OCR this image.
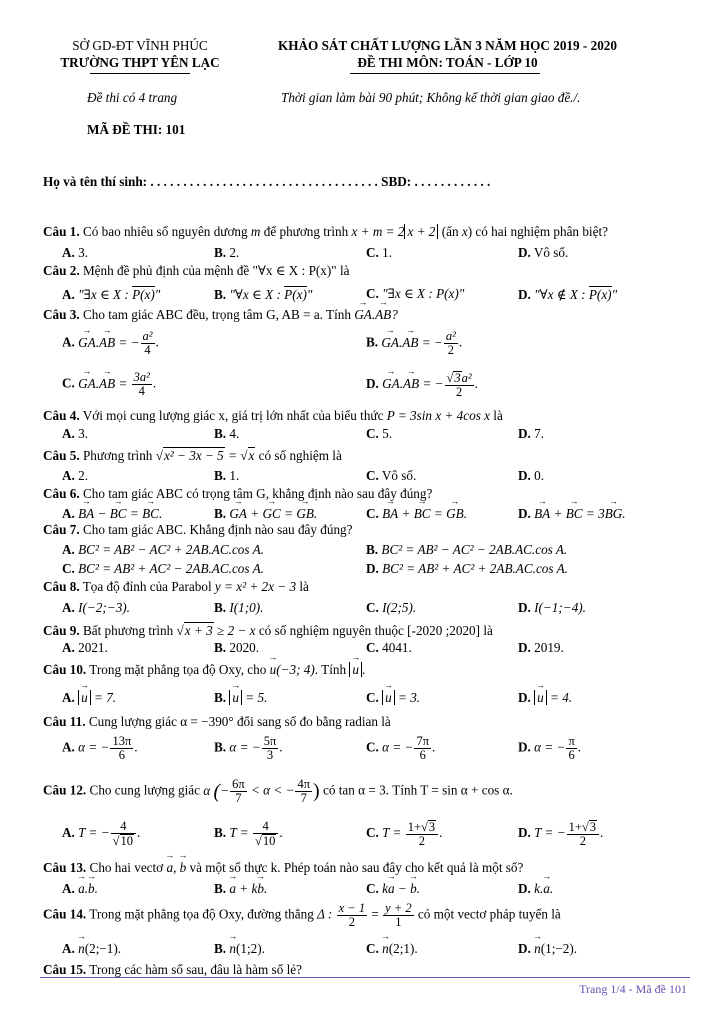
SỞ GD-ĐT VĨNH PHÚC
TRƯỜNG THPT YÊN LẠC
KHẢO SÁT CHẤT LƯỢNG LẦN 3 NĂM HỌC 2019 - 2020
ĐỀ THI MÔN: TOÁN - LỚP 10
Đề thi có 4 trang	Thời gian làm bài 90 phút; Không kể thời gian giao đề./.
MÃ ĐỀ THI: 101
Họ và tên thí sinh: . . . . . . . . . . . . . . . . . . . . . . . . . . . . . . . . . . . SBD: . . . . . . . . . . . .
Câu 1. Có bao nhiêu số nguyên dương m để phương trình x + m = 2 x + 2 (ẩn x) có hai nghiệm phân biệt?
A. 3.	B. 2.	C. 1.	D. Vô số.
Câu 2. Mệnh đề phủ định của mệnh đề "∀x ∈ X : P(x)" là
A. "∃x ∈ X : P(x)"	B. "∀x ∈ X : P(x)"	C. "∃x ∈ X : P(x)"	D. "∀x ∉ X : P(x)"
Câu 3. Cho tam giác ABC đều, trọng tâm G, AB = a. Tính → GA.→ AB?
A. → GA.→ AB = − $\frac{\text{a²}}{4}$ .	B. → GA.→ AB = − $\frac{\text{a²}}{2}$ .
C. → GA.→ AB = $\frac{\text{3a²}}{4}$ .	D. → GA.→ AB = − $\frac{\text{√3a²}}{2}$ .
Câu 4. Với mọi cung lượng giác x, giá trị lớn nhất của biểu thức P = 3sin x + 4cos x là
A. 3.	B. 4.	C. 5.	D. 7.
Câu 5. Phương trình √x² − 3x − 5 = √x có số nghiệm là
A. 2.	B. 1.	C. Vô số.	D. 0.
Câu 6. Cho tam giác ABC có trọng tâm G, khẳng định nào sau đây đúng?
A. → BA − → BC = → BC.	B. → GA + → GC = → GB.	C. → BA + → BC = → GB.	D. → BA + → BC = 3→ BG.
Câu 7. Cho tam giác ABC. Khẳng định nào sau đây đúng?
A. BC² = AB² − AC² + 2AB.AC.cos A.	B. BC² = AB² − AC² − 2AB.AC.cos A.
C. BC² = AB² + AC² − 2AB.AC.cos A.	D. BC² = AB² + AC² + 2AB.AC.cos A.
Câu 8. Tọa độ đỉnh của Parabol y = x² + 2x − 3 là
A. I(−2;−3).	B. I(1;0).	C. I(2;5).	D. I(−1;−4).
Câu 9. Bất phương trình √x + 3 ≥ 2 − x có số nghiệm nguyên thuộc [-2020 ;2020] là
A. 2021.	B. 2020.	C. 4041.	D. 2019.
Câu 10. Trong mặt phẳng tọa độ Oxy, cho → u(−3; 4). Tính → u .
A. → u = 7.	B. → u = 5.	C. → u = 3.	D. → u = 4.
Câu 11. Cung lượng giác α = −390° đổi sang số đo bằng radian là
A. α = − $\frac{13\pi}{6}$ .	B. α = − $\frac{5\pi}{3}$ .	C. α = − $\frac{7\pi}{6}$ .	D. α = − $\frac{\pi}{6}$ .
Câu 12. Cho cung lượng giác α (− $\frac{6\pi}{7} < \alpha$ < − $\frac{4\pi}{7}$ ) có tan α = 3. Tính T = sin α + cos α.
A. T = − $\frac{4}{√10}$ .	B. $T = \frac{4}{√10}$ .	C. $T = \frac{1+√3}{2}$ .	D. T = − $\frac{1+√3}{2}$ .
Câu 13. Cho hai vectơ → a, → b và một số thực k. Phép toán nào sau đây cho kết quả là một số?
A. → a.→ b.	B. → a + k→ b.	C. k→ a − → b.	D. k.→ a.
Câu 14. Trong mặt phẳng tọa độ Oxy, đường thẳng Δ : $\frac{x - 1}{2} = \frac{y + 2}{1}$ có một vectơ pháp tuyến là
A. → n(2;−1).	B. → n(1;2).	C. → n(2;1).	D. → n(1;−2).
Câu 15. Trong các hàm số sau, đâu là hàm số lẻ?
Trang 1/4 - Mã đề 101
